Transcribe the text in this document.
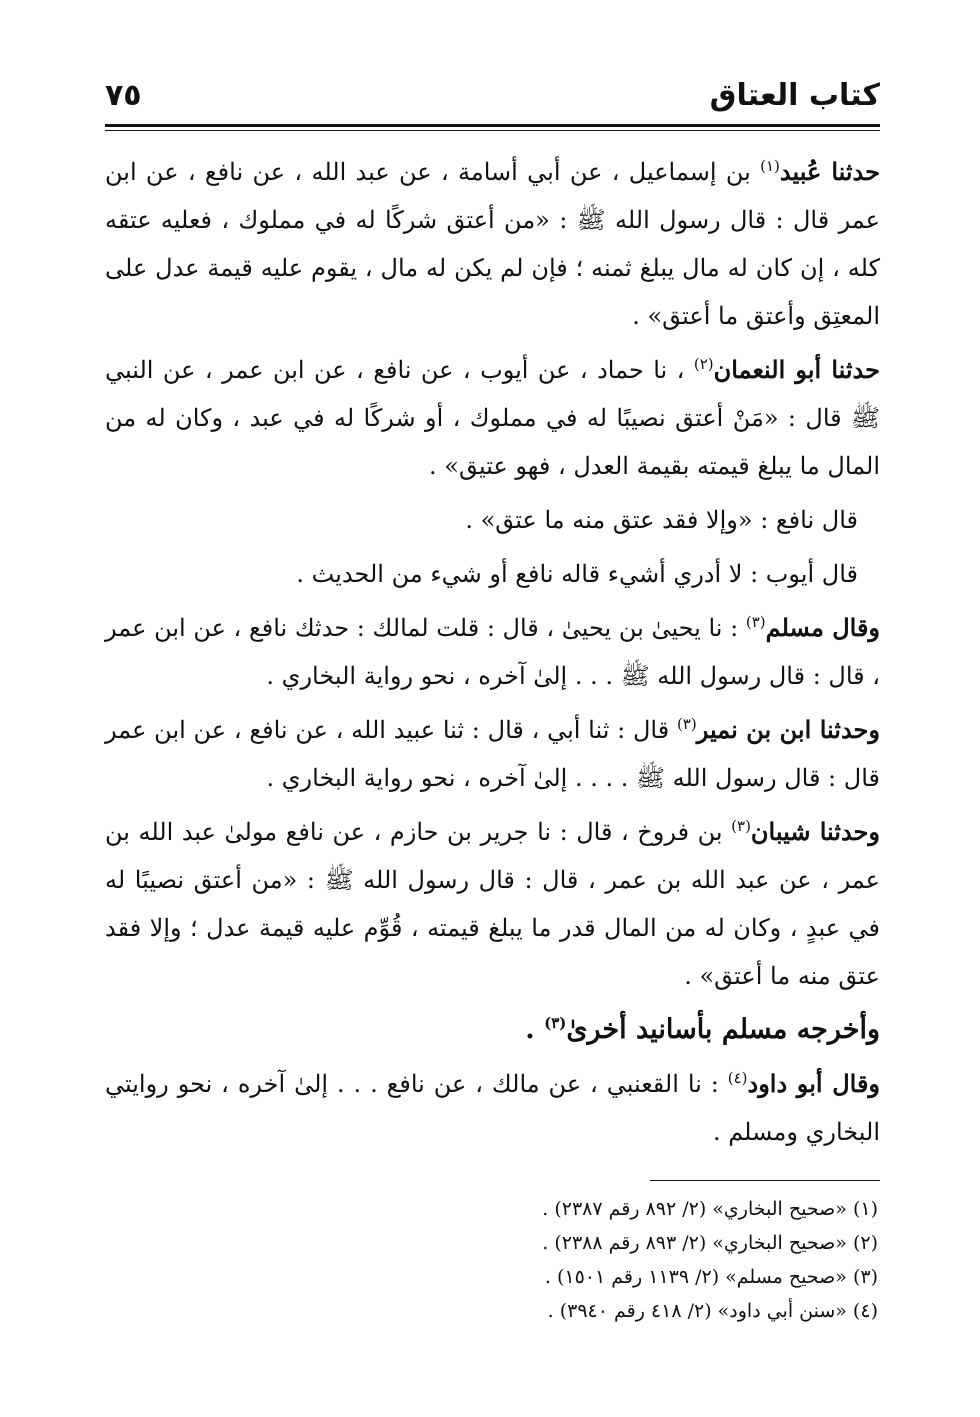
كتاب العتاق
٧٥

حدثنا عُبيد$^{(١)}$ بن إسماعيل ، عن أبي أسامة ، عن عبد الله ، عن نافع ، عن ابن عمر قال : قال رسول الله ﷺ : «من أعتق شركًا له في مملوك ، فعليه عتقه كله ، إن كان له مال يبلغ ثمنه ؛ فإن لم يكن له مال ، يقوم عليه قيمة عدل على المعتِق وأعتق ما أعتق» .

حدثنا أبو النعمان$^{(٢)}$ ، نا حماد ، عن أيوب ، عن نافع ، عن ابن عمر ، عن النبي ﷺ قال : «مَنْ أعتق نصيبًا له في مملوك ، أو شركًا له في عبد ، وكان له من المال ما يبلغ قيمته بقيمة العدل ، فهو عتيق» .

قال نافع : «وإلا فقد عتق منه ما عتق» .

قال أيوب : لا أدري أشيء قاله نافع أو شيء من الحديث .

وقال مسلم$^{(٣)}$ : نا يحيىٰ بن يحيىٰ ، قال : قلت لمالك : حدثك نافع ، عن ابن عمر ، قال : قال رسول الله ﷺ . . . إلىٰ آخره ، نحو رواية البخاري .

وحدثنا ابن بن نمير$^{(٣)}$ قال : ثنا أبي ، قال : ثنا عبيد الله ، عن نافع ، عن ابن عمر قال : قال رسول الله ﷺ . . . . إلىٰ آخره ، نحو رواية البخاري .

وحدثنا شيبان$^{(٣)}$ بن فروخ ، قال : نا جرير بن حازم ، عن نافع مولىٰ عبد الله بن عمر ، عن عبد الله بن عمر ، قال : قال رسول الله ﷺ : «من أعتق نصيبًا له في عبدٍ ، وكان له من المال قدر ما يبلغ قيمته ، قُوِّم عليه قيمة عدل ؛ وإلا فقد عتق منه ما أعتق» .

وأخرجه مسلم بأسانيد أخرىٰ$^{(٣)}$ .

وقال أبو داود$^{(٤)}$ : نا القعنبي ، عن مالك ، عن نافع . . . إلىٰ آخره ، نحو روايتي البخاري ومسلم .

(١) «صحيح البخاري» (٢/ ٨٩٢ رقم ٢٣٨٧) .

(٢) «صحيح البخاري» (٢/ ٨٩٣ رقم ٢٣٨٨) .

(٣) «صحيح مسلم» (٢/ ١١٣٩ رقم ١٥٠١) .

(٤) «سنن أبي داود» (٢/ ٤١٨ رقم ٣٩٤٠) .
